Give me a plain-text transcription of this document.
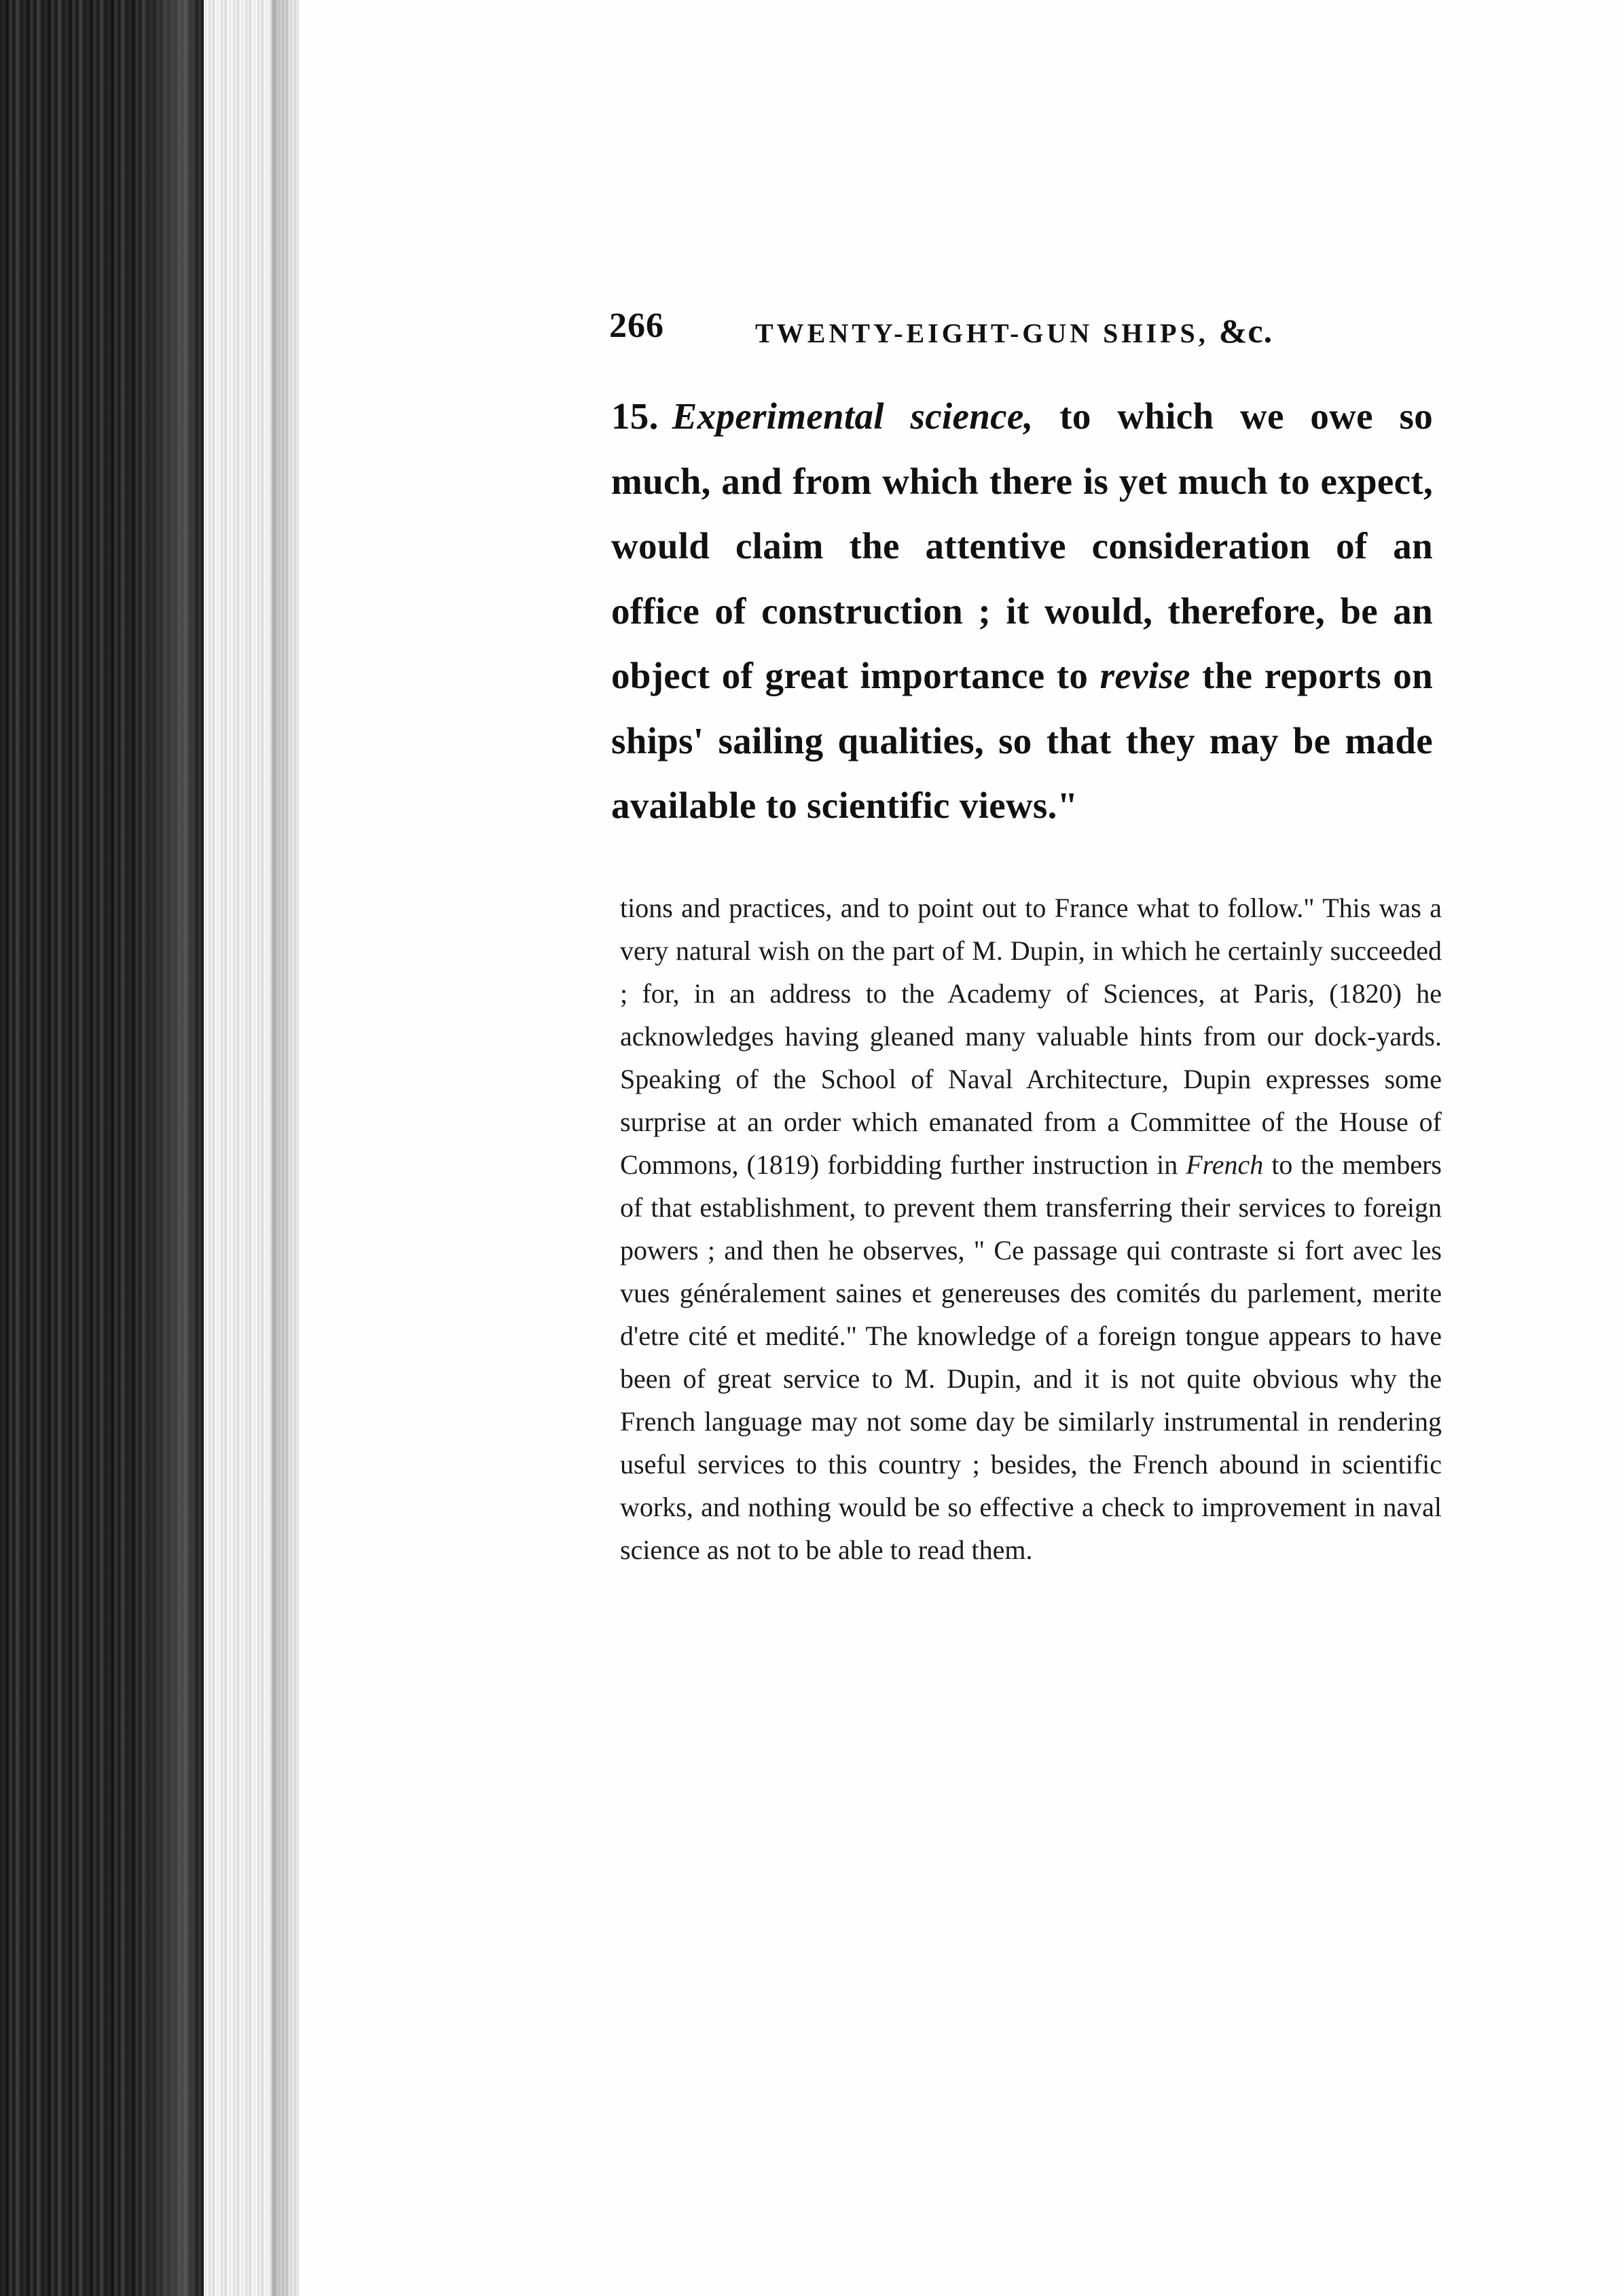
266	TWENTY-EIGHT-GUN SHIPS, &c.
15. Experimental science, to which we owe so much, and from which there is yet much to expect, would claim the attentive consideration of an office of construction ; it would, therefore, be an object of great importance to revise the reports on ships' sailing qualities, so that they may be made available to scientific views."
tions and practices, and to point out to France what to follow." This was a very natural wish on the part of M. Dupin, in which he certainly succeeded ; for, in an address to the Academy of Sciences, at Paris, (1820) he acknowledges having gleaned many valuable hints from our dock-yards. Speaking of the School of Naval Architecture, Dupin expresses some surprise at an order which emanated from a Committee of the House of Commons, (1819) forbidding further instruction in French to the members of that establishment, to prevent them transferring their services to foreign powers ; and then he observes, " Ce passage qui contraste si fort avec les vues généralement saines et genereuses des comités du parlement, merite d'etre cité et medité." The knowledge of a foreign tongue appears to have been of great service to M. Dupin, and it is not quite obvious why the French language may not some day be similarly instrumental in rendering useful services to this country ; besides, the French abound in scientific works, and nothing would be so effective a check to improvement in naval science as not to be able to read them.
